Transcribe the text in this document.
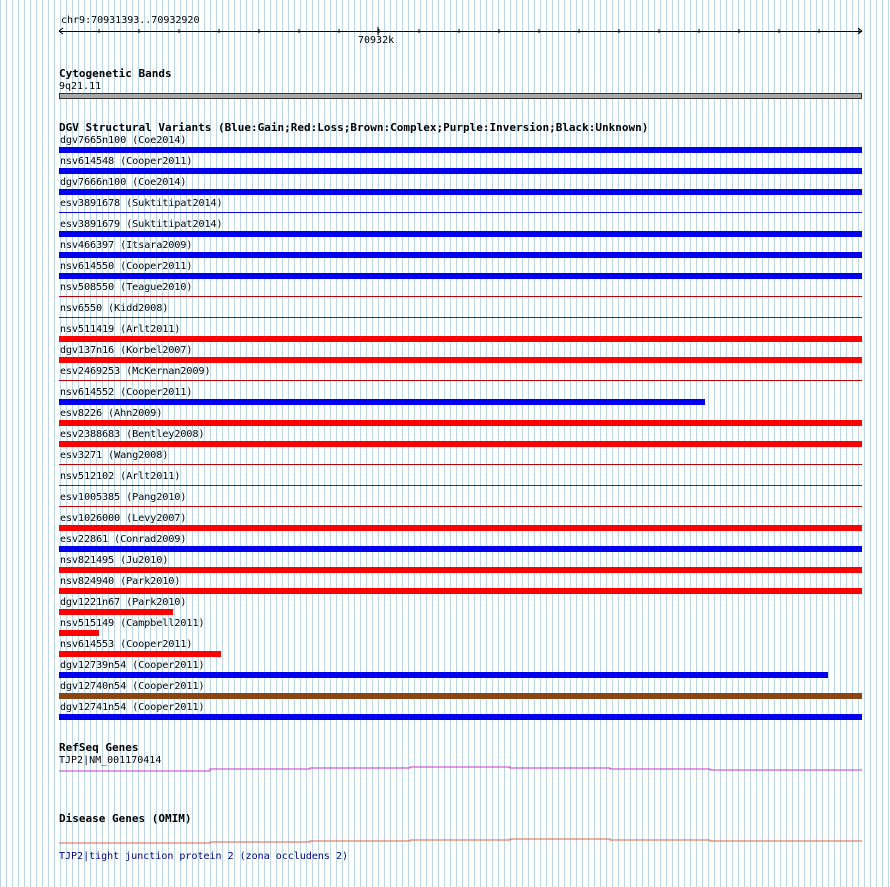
chr9:70931393..70932920
70932k
Cytogenetic Bands
9q21.11
DGV Structural Variants (Blue:Gain;Red:Loss;Brown:Complex;Purple:Inversion;Black:Unknown)
dgv7665n100 (Coe2014)
nsv614548 (Cooper2011)
dgv7666n100 (Coe2014)
esv3891678 (Suktitipat2014)
esv3891679 (Suktitipat2014)
nsv466397 (Itsara2009)
nsv614550 (Cooper2011)
nsv508550 (Teague2010)
nsv6550 (Kidd2008)
nsv511419 (Arlt2011)
dgv137n16 (Korbel2007)
esv2469253 (McKernan2009)
nsv614552 (Cooper2011)
esv8226 (Ahn2009)
esv2388683 (Bentley2008)
esv3271 (Wang2008)
nsv512102 (Arlt2011)
esv1005385 (Pang2010)
esv1026000 (Levy2007)
esv22861 (Conrad2009)
nsv821495 (Ju2010)
nsv824940 (Park2010)
dgv1221n67 (Park2010)
nsv515149 (Campbell2011)
nsv614553 (Cooper2011)
dgv12739n54 (Cooper2011)
dgv12740n54 (Cooper2011)
dgv12741n54 (Cooper2011)
RefSeq Genes
TJP2|NM_001170414
Disease Genes (OMIM)
TJP2|tight junction protein 2 (zona occludens 2)
